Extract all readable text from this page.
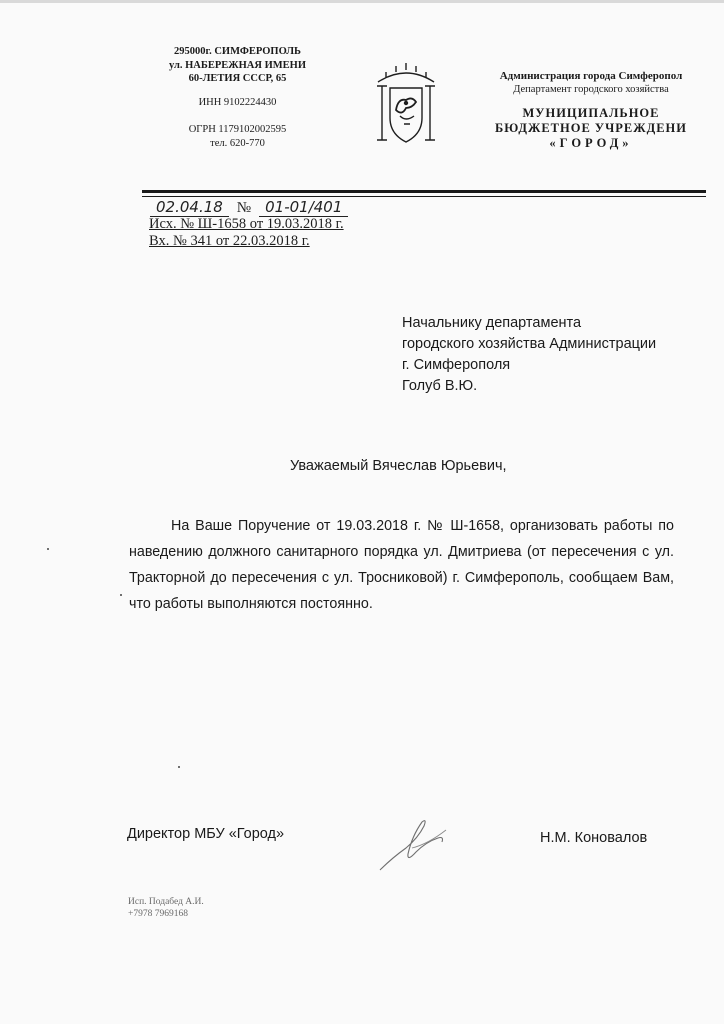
295000г. СИМФЕРОПОЛЬ
ул. НАБЕРЕЖНАЯ ИМЕНИ
60-ЛЕТИЯ СССР, 65
ИНН 9102224430
ОГРН 1179102002595
тел. 620-770
Администрация города Симферопол
Департамент городского хозяйства
МУНИЦИПАЛЬНОЕ
БЮДЖЕТНОЕ УЧРЕЖДЕНИ
«ГОРОД»
02.04.18 № 01-01/401
Исх. № Ш-1658 от 19.03.2018 г.
Вх. № 341 от 22.03.2018 г.
Начальнику департамента
городского хозяйства Администрации
г. Симферополя
Голуб В.Ю.
Уважаемый Вячеслав Юрьевич,
На Ваше Поручение от 19.03.2018 г. № Ш-1658, организовать работы по наведению должного санитарного порядка ул. Дмитриева (от пересечения с ул. Тракторной до пересечения с ул. Тросниковой) г. Симферополь, сообщаем Вам, что работы выполняются постоянно.
Директор МБУ «Город»	Н.М. Коновалов
Исп. Подабед А.И.
+7978 7969168
